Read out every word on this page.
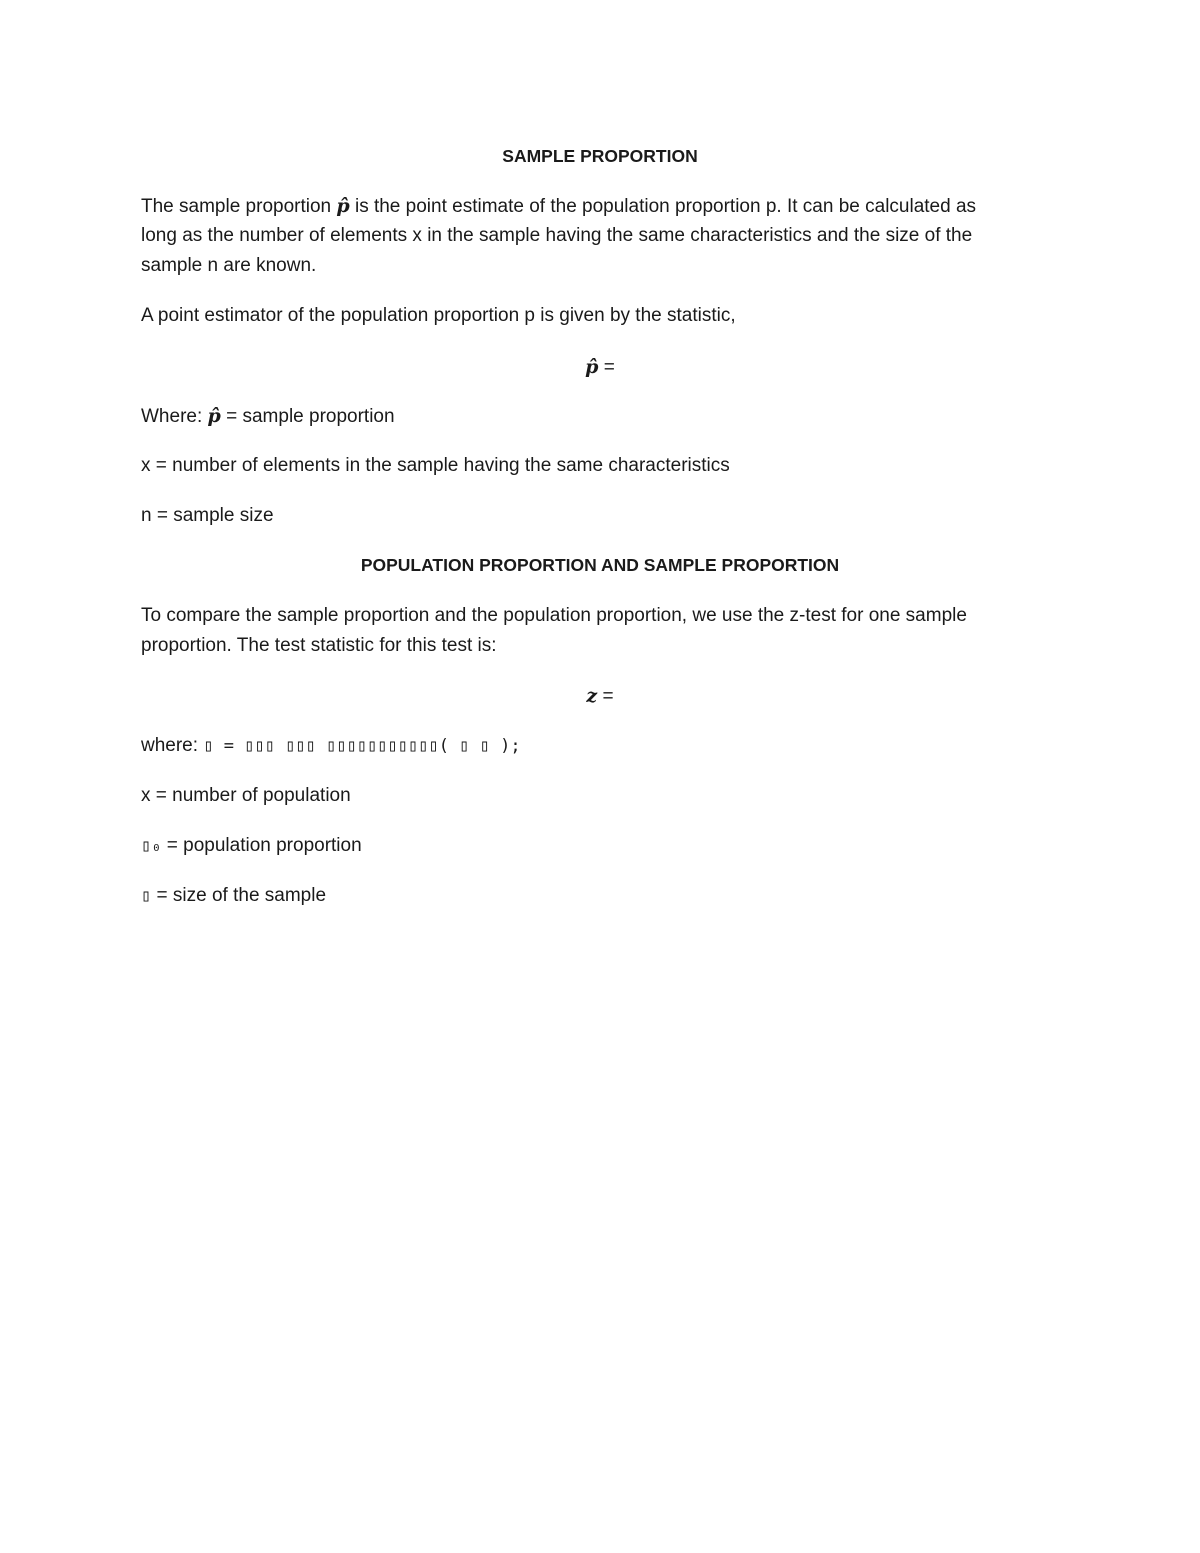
SAMPLE PROPORTION
The sample proportion p̂ is the point estimate of the population proportion p. It can be calculated as
long as the number of elements x in the sample having the same characteristics and the size of the
sample n are known.
A point estimator of the population proportion p is given by the statistic,
p̂ =
Where: p̂ = sample proportion
x = number of elements in the sample having the same characteristics
n = sample size
POPULATION PROPORTION AND SAMPLE PROPORTION
To compare the sample proportion and the population proportion, we use the z-test for one sample
proportion. The test statistic for this test is:
z =
where: ▯ = ▯▯▯ ▯▯▯ ▯▯▯▯▯▯▯▯▯▯▯( ▯ ▯ );
x = number of population
▯₀ = population proportion
▯ = size of the sample
